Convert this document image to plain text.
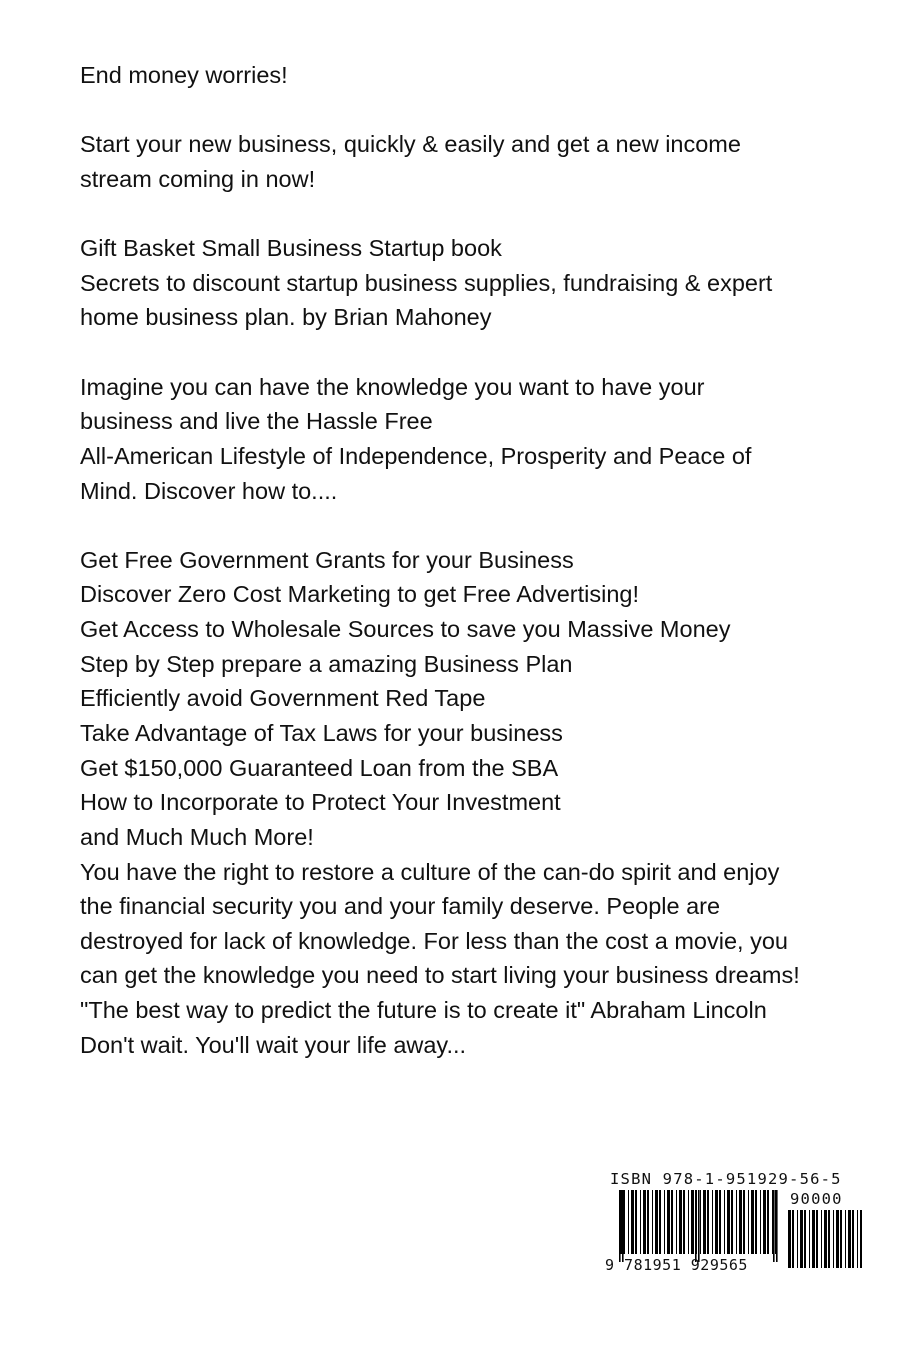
End money worries!
Start your new business, quickly & easily and get a new income
stream coming in now!
Gift Basket Small Business Startup book
Secrets to discount startup business supplies, fundraising & expert
home business plan. by Brian Mahoney
Imagine you can have the knowledge you want to have your
business and live the Hassle Free
All-American Lifestyle of Independence, Prosperity and Peace of
Mind. Discover how to....
Get Free Government Grants for your Business
Discover Zero Cost Marketing to get Free Advertising!
Get Access to Wholesale Sources to save you Massive Money
Step by Step prepare a amazing Business Plan
Efficiently avoid Government Red Tape
Take Advantage of Tax Laws for your business
Get $150,000 Guaranteed Loan from the SBA
How to Incorporate to Protect Your Investment
and Much Much More!
You have the right to restore a culture of the can-do spirit and enjoy
the financial security you and your family deserve. People are
destroyed for lack of knowledge. For less than the cost a movie, you
can get the knowledge you need to start living your business dreams!
"The best way to predict the future is to create it" Abraham Lincoln
Don't wait. You'll wait your life away...
ISBN 978-1-951929-56-5
90000
9 781951 929565
